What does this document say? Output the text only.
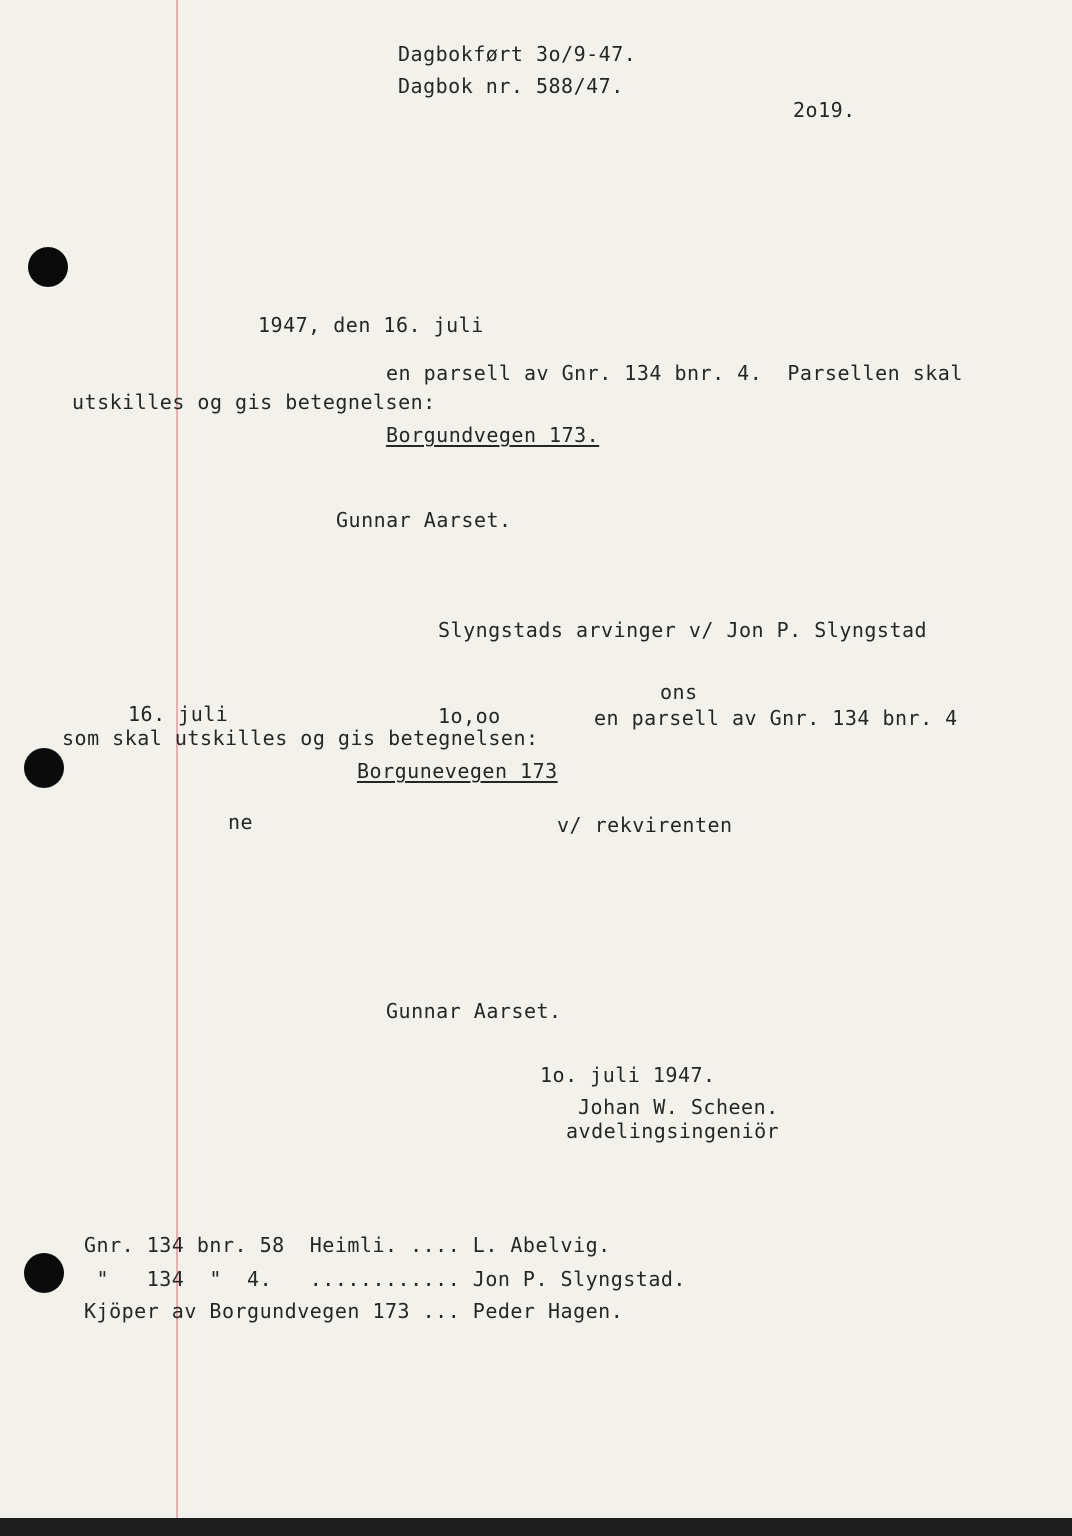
Dagbokført 3o/9-47.
Dagbok nr. 588/47.
2o19.
1947, den 16. juli
en parsell av Gnr. 134 bnr. 4.  Parsellen skal
utskilles og gis betegnelsen:
Borgundvegen 173.
Gunnar Aarset.
Slyngstads arvinger v/ Jon P. Slyngstad
ons
16. juli	1o,oo	en parsell av Gnr. 134 bnr. 4
som skal utskilles og gis betegnelsen:
Borgunevegen 173
ne	v/ rekvirenten
Gunnar Aarset.
1o. juli 1947.
Johan W. Scheen.
avdelingsingeniör
Gnr. 134 bnr. 58  Heimli. .... L. Abelvig.
"   134  "  4.   ............ Jon P. Slyngstad.
Kjöper av Borgundvegen 173 ... Peder Hagen.
